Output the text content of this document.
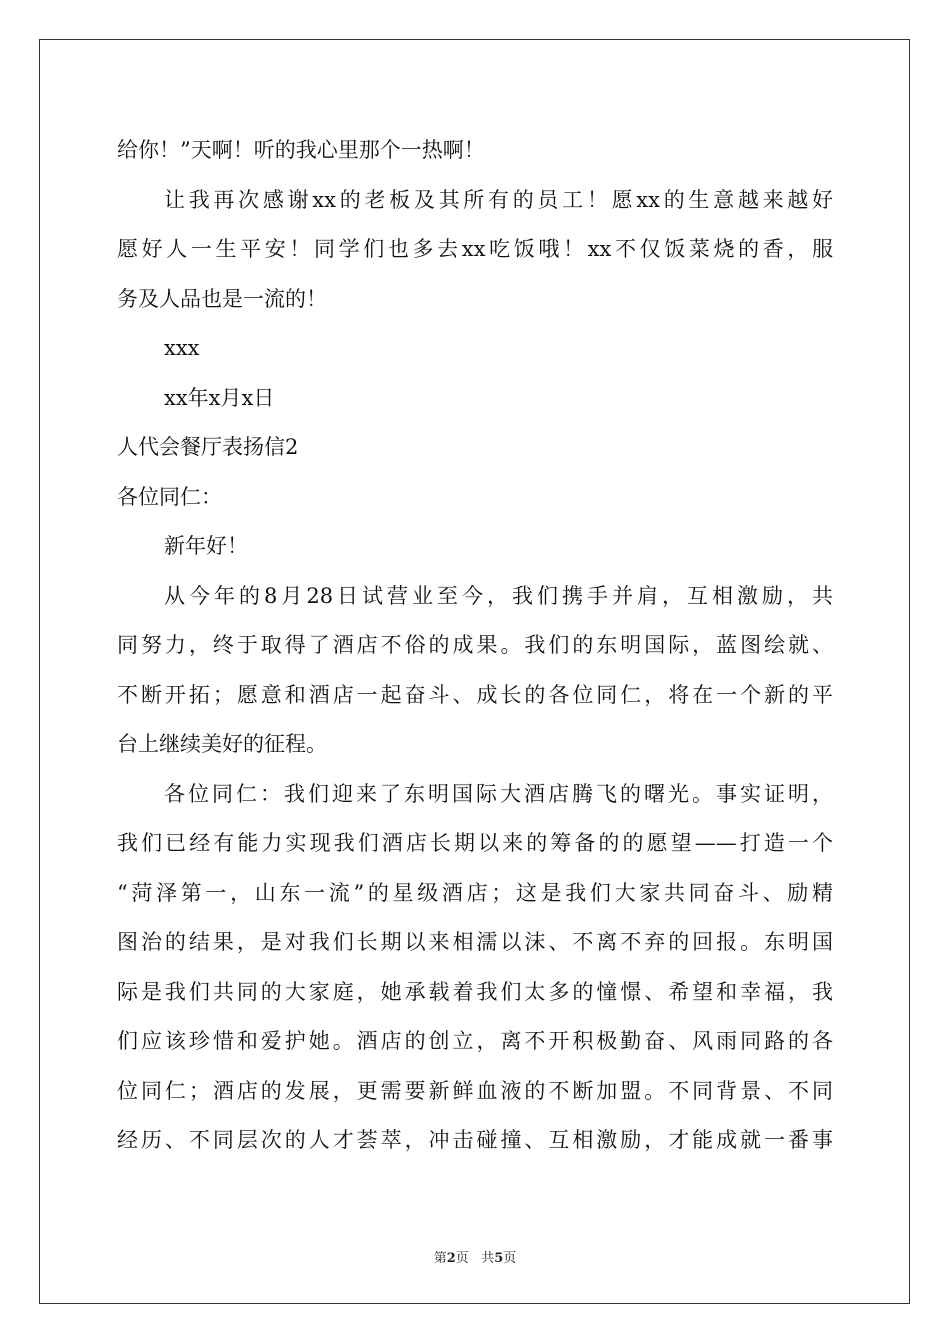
给你！”天啊！听的我心里那个一热啊！
让我再次感谢xx的老板及其所有的员工！愿xx的生意越来越好
愿好人一生平安！同学们也多去xx吃饭哦！xx不仅饭菜烧的香，服
务及人品也是一流的！
xxx
xx年x月x日
人代会餐厅表扬信2
各位同仁：
新年好！
从今年的8月28日试营业至今，我们携手并肩，互相激励，共
同努力，终于取得了酒店不俗的成果。我们的东明国际，蓝图绘就、
不断开拓；愿意和酒店一起奋斗、成长的各位同仁，将在一个新的平
台上继续美好的征程。
各位同仁：我们迎来了东明国际大酒店腾飞的曙光。事实证明，
我们已经有能力实现我们酒店长期以来的筹备的的愿望——打造一个
“菏泽第一，山东一流”的星级酒店；这是我们大家共同奋斗、励精
图治的结果，是对我们长期以来相濡以沫、不离不弃的回报。东明国
际是我们共同的大家庭，她承载着我们太多的憧憬、希望和幸福，我
们应该珍惜和爱护她。酒店的创立，离不开积极勤奋、风雨同路的各
位同仁；酒店的发展，更需要新鲜血液的不断加盟。不同背景、不同
经历、不同层次的人才荟萃，冲击碰撞、互相激励，才能成就一番事
第2页 共5页
